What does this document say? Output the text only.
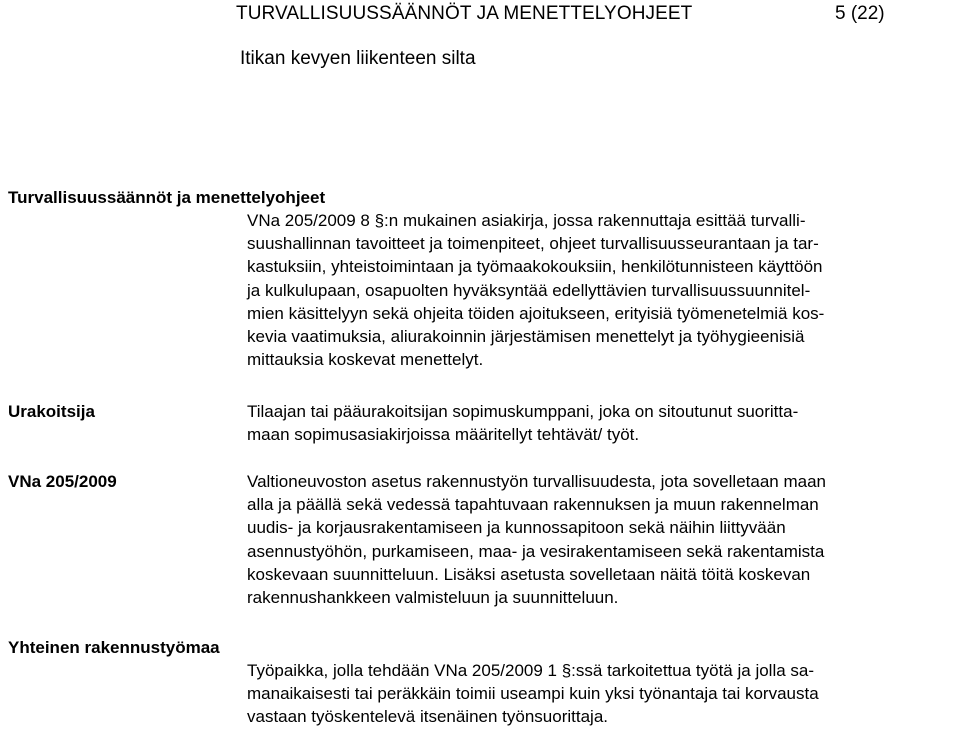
TURVALLISUUSSÄÄNNÖT JA MENETTELYOHJEET	5 (22)
Itikan kevyen liikenteen silta
Turvallisuussäännöt ja menettelyohjeet
VNa 205/2009 8 §:n mukainen asiakirja, jossa rakennuttaja esittää turvalli-
suushallinnan tavoitteet ja toimenpiteet, ohjeet turvallisuusseurantaan ja tar-
kastuksiin, yhteistoimintaan ja työmaakokouksiin, henkilötunnisteen käyttöön
ja kulkulupaan, osapuolten hyväksyntää edellyttävien turvallisuussuunnitel-
mien käsittelyyn sekä ohjeita töiden ajoitukseen, erityisiä työmenetelmiä kos-
kevia vaatimuksia, aliurakoinnin järjestämisen menettelyt ja työhygieenisiä
mittauksia koskevat menettelyt.
Urakoitsija	Tilaajan tai pääurakoitsijan sopimuskumppani, joka on sitoutunut suoritta-
maan sopimusasiakirjoissa määritellyt tehtävät/ työt.
VNa 205/2009	Valtioneuvoston asetus rakennustyön turvallisuudesta, jota sovelletaan maan
alla ja päällä sekä vedessä tapahtuvaan rakennuksen ja muun rakennelman
uudis- ja korjausrakentamiseen ja kunnossapitoon sekä näihin liittyvään
asennustyöhön, purkamiseen, maa- ja vesirakentamiseen sekä rakentamista
koskevaan suunnitteluun. Lisäksi asetusta sovelletaan näitä töitä koskevan
rakennushankkeen valmisteluun ja suunnitteluun.
Yhteinen rakennustyömaa
Työpaikka, jolla tehdään VNa 205/2009 1 §:ssä tarkoitettua työtä ja jolla sa-
manaikaisesti tai peräkkäin toimii useampi kuin yksi työnantaja tai korvausta
vastaan työskentelevä itsenäinen työnsuorittaja.
